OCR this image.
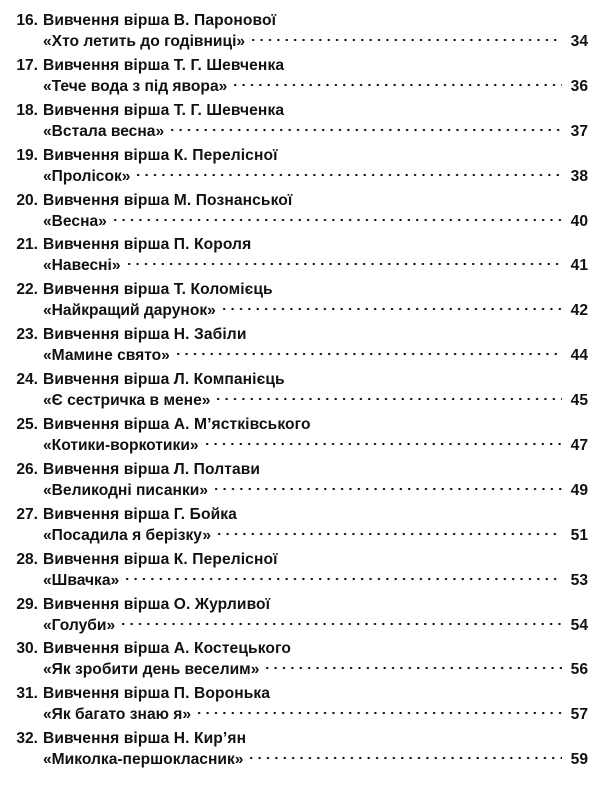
16. Вивчення вірша В. Паронової
«Хто летить до годівниці»	34
17. Вивчення вірша Т. Г. Шевченка
«Тече вода з під явора»	36
18. Вивчення вірша Т. Г. Шевченка
«Встала весна»	37
19. Вивчення вірша К. Перелісної
«Пролісок»	38
20. Вивчення вірша М. Познанської
«Весна»	40
21. Вивчення вірша П. Короля
«Навесні»	41
22. Вивчення вірша Т. Коломієць
«Найкращий дарунок»	42
23. Вивчення вірша Н. Забіли
«Мамине свято»	44
24. Вивчення вірша Л. Компанієць
«Є сестричка в мене»	45
25. Вивчення вірша А. М’ястківського
«Котики-воркотики»	47
26. Вивчення вірша Л. Полтави
«Великодні писанки»	49
27. Вивчення вірша Г. Бойка
«Посадила я берізку»	51
28. Вивчення вірша К. Перелісної
«Швачка»	53
29. Вивчення вірша О. Журливої
«Голуби»	54
30. Вивчення вірша А. Костецького
«Як зробити день веселим»	56
31. Вивчення вірша П. Воронька
«Як багато знаю я»	57
32. Вивчення вірша Н. Кир’ян
«Миколка-першокласник»	59
